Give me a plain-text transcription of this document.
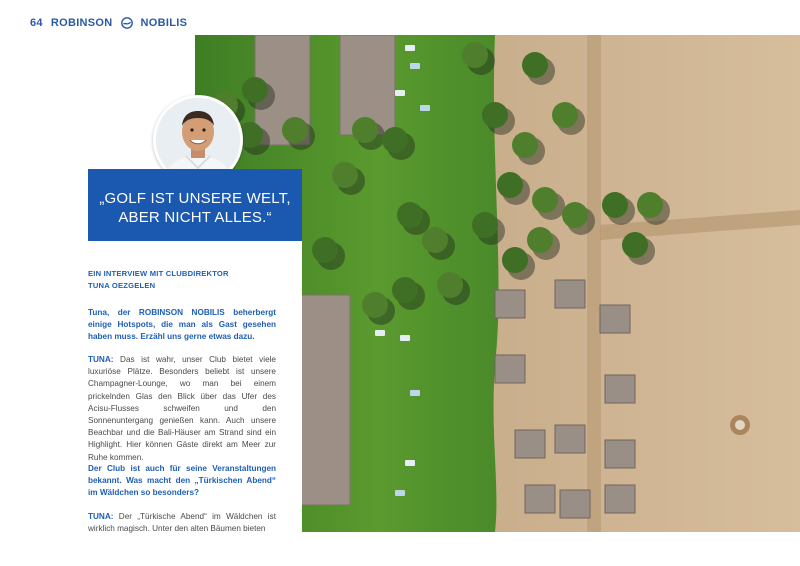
64 ROBINSON	NOBILIS
„GOLF IST UNSERE WELT,
ABER NICHT ALLES.“
EIN INTERVIEW MIT CLUBDIREKTOR
TUNA OEZGELEN

Tuna, der ROBINSON NOBILIS beherbergt einige Hotspots, die man als Gast gesehen haben muss. Erzähl uns gerne etwas dazu.

TUNA: Das ist wahr, unser Club bietet viele luxuriöse Plätze. Besonders beliebt ist unsere Champagner-Lounge, wo man bei einem prickelnden Glas den Blick über das Ufer des Acisu-Flusses schweifen und den Sonnenuntergang genießen kann. Auch unsere Beachbar und die Bali-Häuser am Strand sind ein Highlight. Hier können Gäste direkt am Meer zur Ruhe kommen.

Der Club ist auch für seine Veranstaltungen bekannt. Was macht den „Türkischen Abend“ im Wäldchen so besonders?

TUNA: Der „Türkische Abend“ im Wäldchen ist wirklich magisch. Unter den alten Bäumen bieten
